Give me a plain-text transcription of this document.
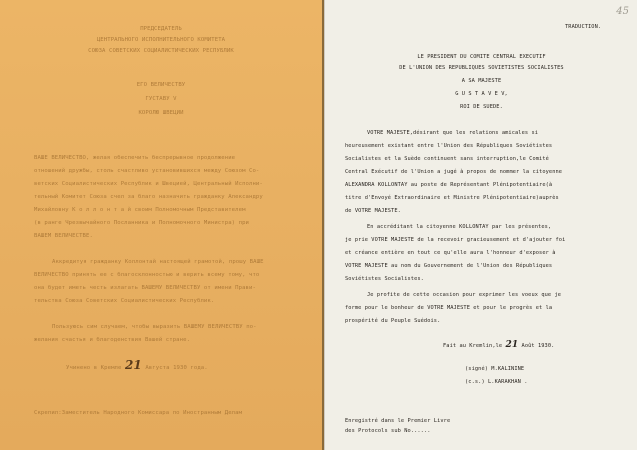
ПРЕДСЕДАТЕЛЬ
ЦЕНТРАЛЬНОГО ИСПОЛНИТЕЛЬНОГО КОМИТЕТА
СОЮЗА СОВЕТСКИХ СОЦИАЛИСТИЧЕСКИХ РЕСПУБЛИК
ЕГО ВЕЛИЧЕСТВУ
ГУСТАВУ V
КОРОЛЮ ШВЕЦИИ
ВАШЕ ВЕЛИЧЕСТВО, желая обеспечить беспрерывное продолжение
отношений дружбы, столь счастливо установившихся между Союзом Со-
ветских Социалистических Республик и Швецией, Центральный Исполни-
тельный Комитет Союза счел за благо назначить гражданку Александру
Михайловну К о л л о н т а й своим Полномочным Представителем
(в ранге Чрезвычайного Посланника и Полномочного Министра) при
ВАШЕМ ВЕЛИЧЕСТВЕ.
Аккредитуя гражданку Коллонтай настоящей грамотой, прошу ВАШЕ
ВЕЛИЧЕСТВО принять ее с благосклонностью и верить всему тому, что
она будет иметь честь излагать ВАШЕМУ ВЕЛИЧЕСТВУ от имени Прави-
тельства Союза Советских Социалистических Республик.
Пользуюсь сим случаем, чтобы выразить ВАШЕМУ ВЕЛИЧЕСТВУ по-
желания счастья и благоденствия Вашей стране.
Учинено в Кремле 21 Августа 1930 года.
Скрепил:Заместитель Народного Комиссара по Иностранным Делам
45
TRADUCTION.
LE PRESIDENT DU COMITE CENTRAL EXECUTIF
DE L'UNION DES REPUBLIQUES SOVIETISTES SOCIALISTES
A SA MAJESTE
G U S T A V E V,
ROI DE SUEDE.
VOTRE MAJESTE,désirant que les relations amicales si
heureusement existant entre l'Union des Républiques Soviétistes
Socialistes et la Suède continuent sans interruption,le Comité
Central Exécutif de l'Union a jugé à propos de nommer la citoyenne
ALEXANDRA KOLLONTAY au poste de Représentant Plénipotentiaire(à
titre d'Envoyé Extraordinaire et Ministre Plénipotentiaire)auprès
de VOTRE MAJESTE.
En accréditant la citoyenne KOLLONTAY par les présentes,
je prie VOTRE MAJESTE de la recevoir gracieusement et d'ajouter foi
et créance entière en tout ce qu'elle aura l'honneur d'exposer à
VOTRE MAJESTE au nom du Gouvernement de l'Union des Républiques
Soviétistes Socialistes.
Je profite de cette occasion pour exprimer les voeux que je
forme pour le bonheur de VOTRE MAJESTE et pour le progrès et la
prospérité du Peuple Suédois.
Fait au Kremlin,le 21 Août 1930.
(signé) M.KALININE
(c.s.) L.KARAKHAN .
Enregistré dans le Premier Livre
des Protocols sub No......
